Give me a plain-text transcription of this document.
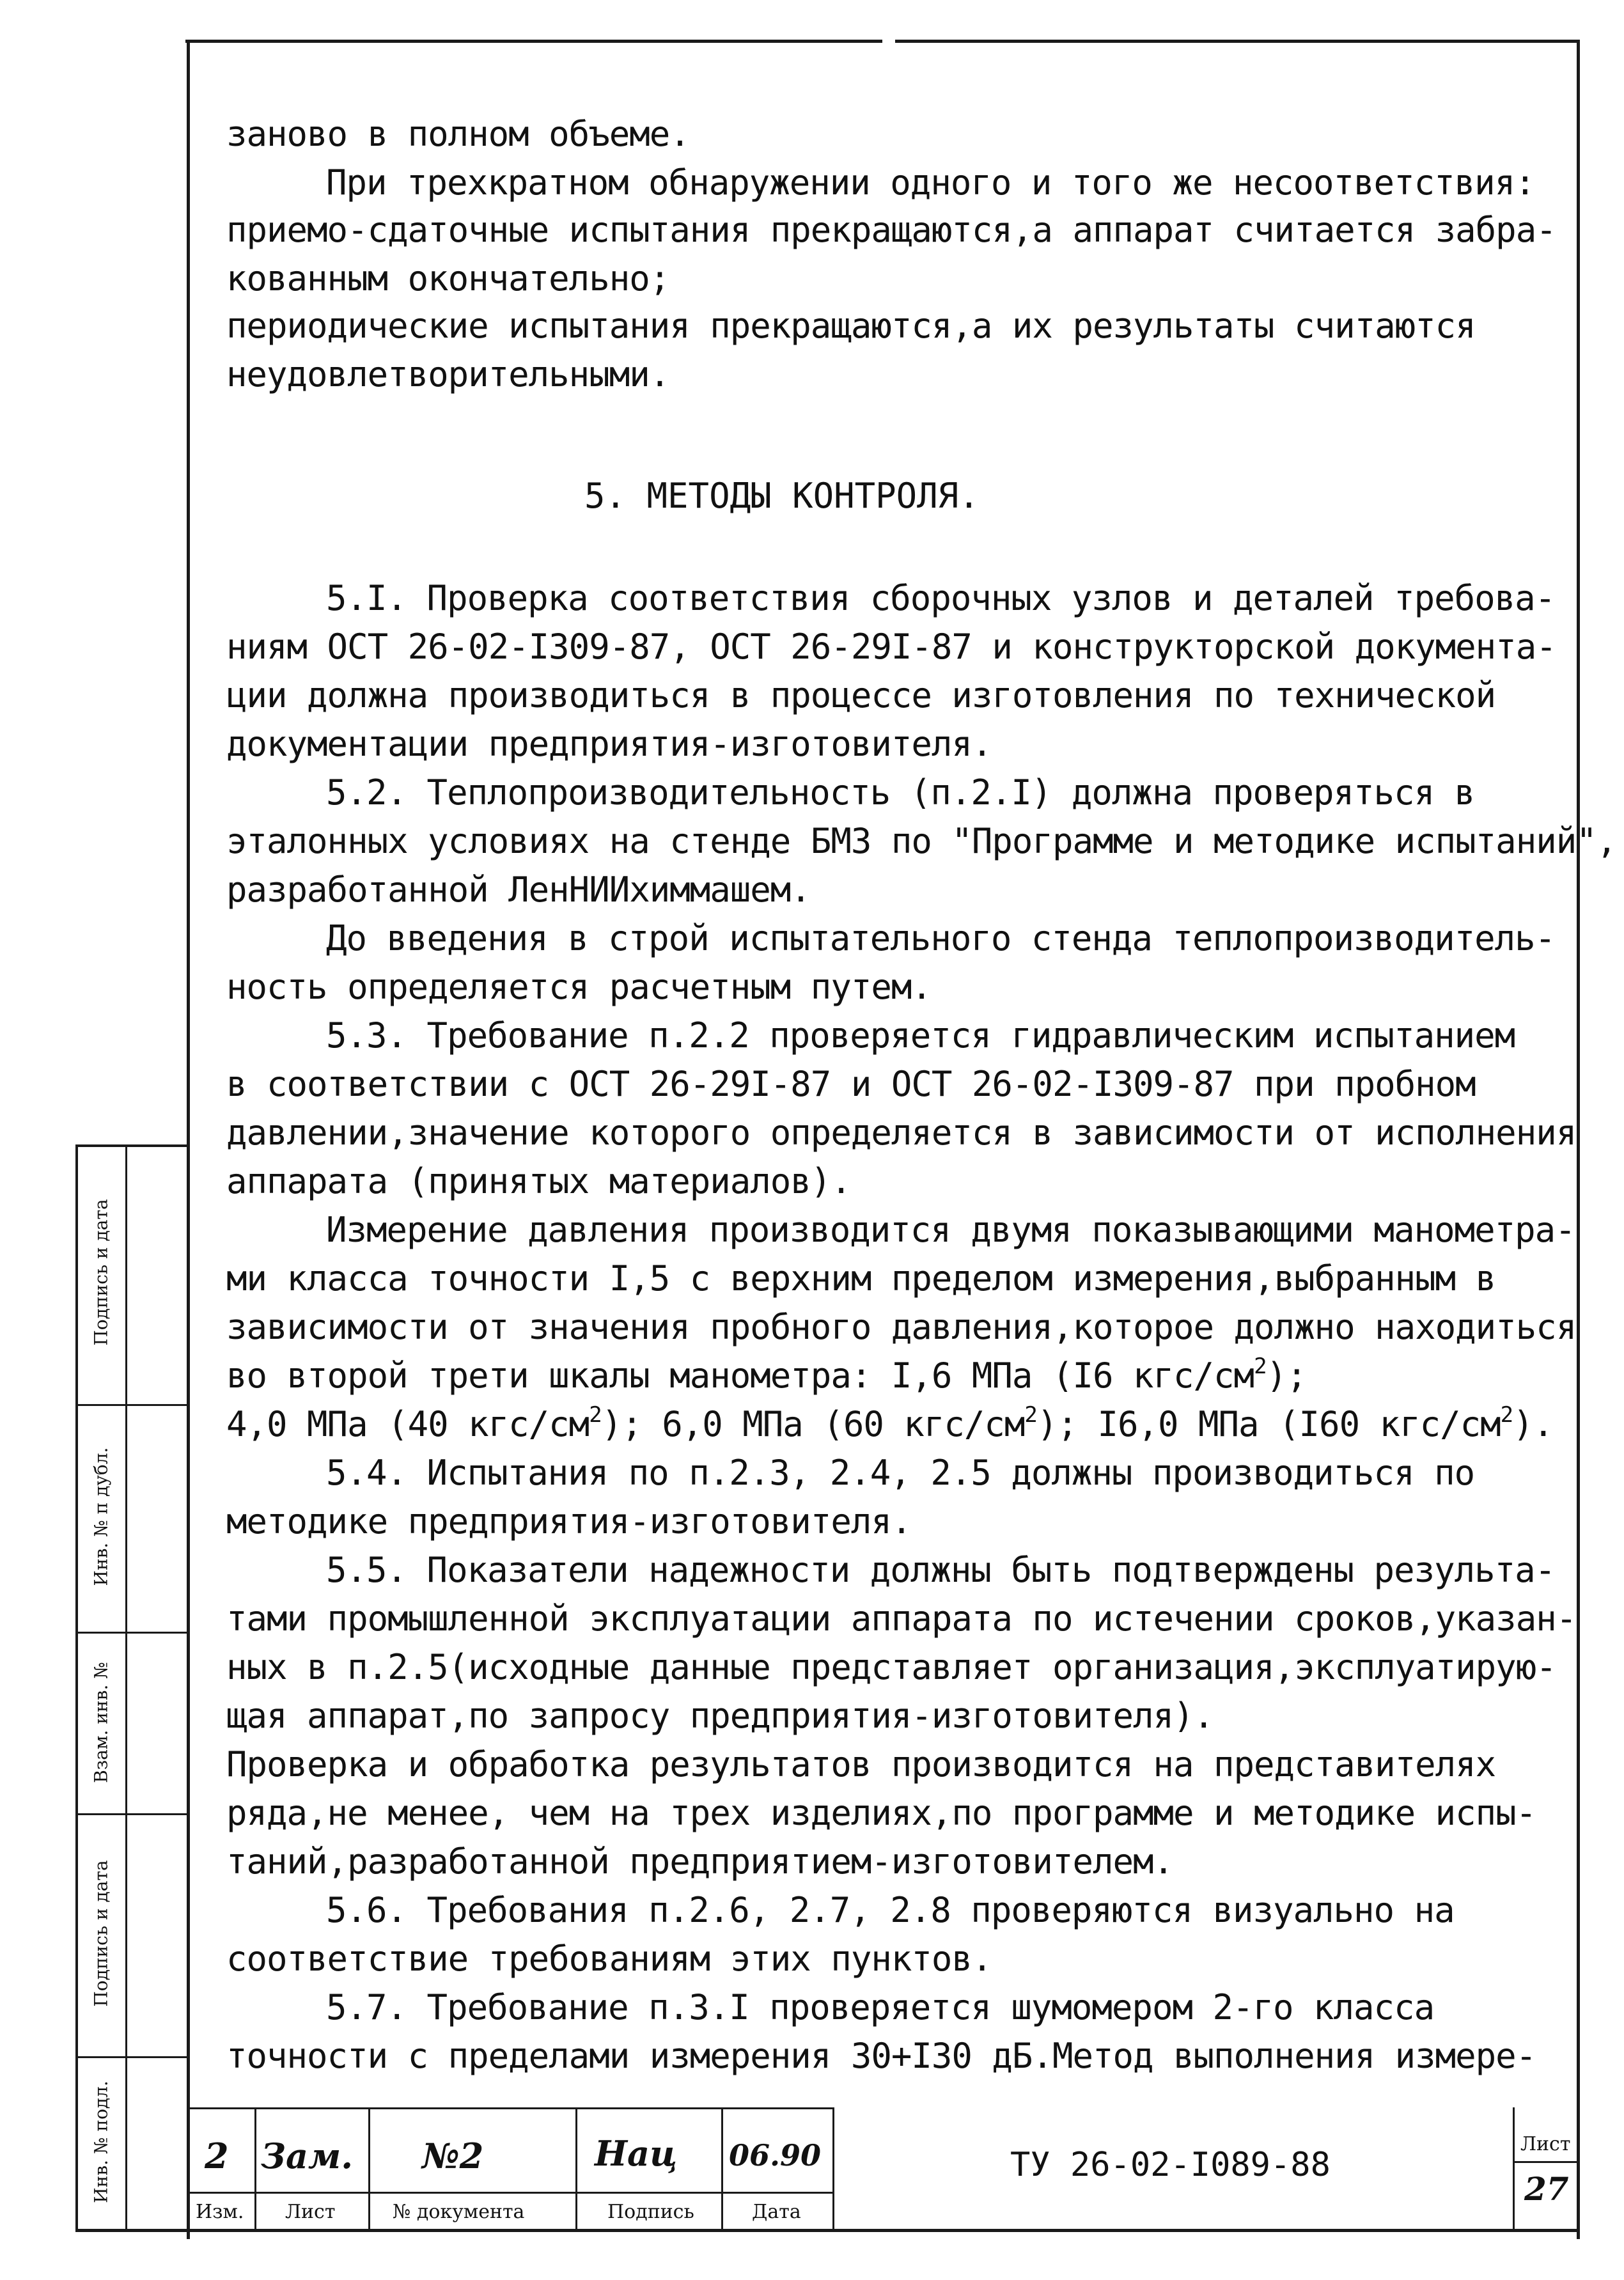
заново в полном объеме.
При трехкратном обнаружении одного и того же несоответствия:
приемо-сдаточные испытания прекращаются,а аппарат считается забра-
кованным окончательно;
периодические испытания прекращаются,а их результаты считаются
неудовлетворительными.
5. МЕТОДЫ КОНТРОЛЯ.
5.I. Проверка соответствия сборочных узлов и деталей требова-
ниям ОСТ 26-02-I309-87, ОСТ 26-29I-87 и конструкторской документа-
ции должна производиться в процессе изготовления по технической
документации предприятия-изготовителя.
5.2. Теплопроизводительность (п.2.I) должна проверяться в
эталонных условиях на стенде БМЗ по "Программе и методике испытаний",
разработанной ЛенНИИхиммашем.
До введения в строй испытательного стенда теплопроизводитель-
ность определяется расчетным путем.
5.3. Требование п.2.2 проверяется гидравлическим испытанием
в соответствии с ОСТ 26-29I-87 и ОСТ 26-02-I309-87 при пробном
давлении,значение которого определяется в зависимости от исполнения
аппарата (принятых материалов).
Измерение давления производится двумя показывающими манометра-
ми класса точности I,5 с верхним пределом измерения,выбранным в
зависимости от значения пробного давления,которое должно находиться
во второй трети шкалы манометра: I,6 МПа (I6 кгс/$см^2$);
4,0 МПа (40 кгс/$см^2$); 6,0 МПа (60 кгс/$см^2$); I6,0 МПа (I60 кгс/$см^2$).
5.4. Испытания по п.2.3, 2.4, 2.5 должны производиться по
методике предприятия-изготовителя.
5.5. Показатели надежности должны быть подтверждены результа-
тами промышленной эксплуатации аппарата по истечении сроков,указан-
ных в п.2.5(исходные данные представляет организация,эксплуатирую-
щая аппарат,по запросу предприятия-изготовителя).
Проверка и обработка результатов производится на представителях
ряда,не менее, чем на трех изделиях,по программе и методике испы-
таний,разработанной предприятием-изготовителем.
5.6. Требования п.2.6, 2.7, 2.8 проверяются визуально на
соответствие требованиям этих пунктов.
5.7. Требование п.3.I проверяется шумомером 2-го класса
точности с пределами измерения 30+I30 дБ.Метод выполнения измере-
Подпись и дата
Инв. № п дубл.
Взам. инв. №
Подпись и дата
Инв. № подл.	2 Зам. №2	Нац 06.90
Изм. Лист	№ документа	Подпись	Дата
ТУ 26-02-I089-88
Лист
27
